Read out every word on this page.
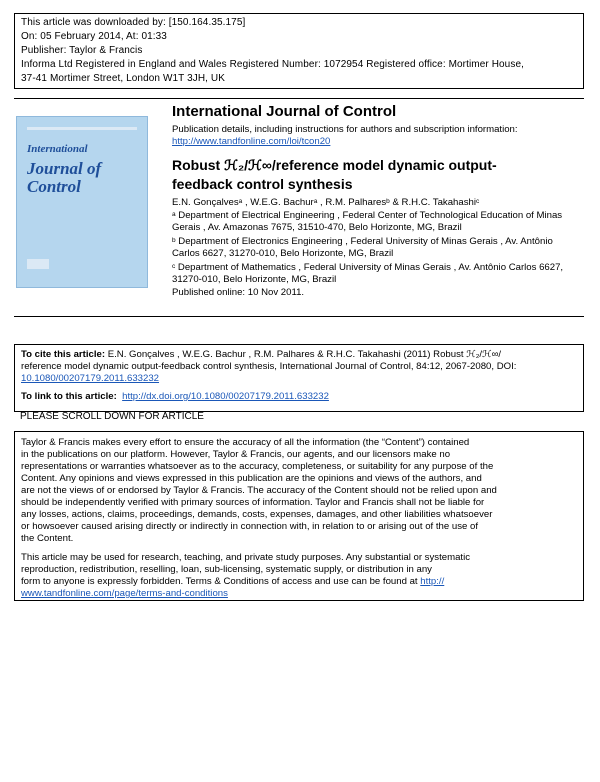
This article was downloaded by: [150.164.35.175]
On: 05 February 2014, At: 01:33
Publisher: Taylor & Francis
Informa Ltd Registered in England and Wales Registered Number: 1072954 Registered office: Mortimer House,
37-41 Mortimer Street, London W1T 3JH, UK
International
Journal of
Control
International Journal of Control
Publication details, including instructions for authors and subscription information:
http://www.tandfonline.com/loi/tcon20
Robust ℋ₂/ℋ∞/reference model dynamic output-
feedback control synthesis
E.N. Gonçalves$^a$ , W.E.G. Bachur$^a$ , R.M. Palhares$^b$ & R.H.C. Takahashi$^c$
$^a$ Department of Electrical Engineering , Federal Center of Technological Education of Minas
Gerais , Av. Amazonas 7675, 31510-470, Belo Horizonte, MG, Brazil
$^b$ Department of Electronics Engineering , Federal University of Minas Gerais , Av. Antônio
Carlos 6627, 31270-010, Belo Horizonte, MG, Brazil
$^c$ Department of Mathematics , Federal University of Minas Gerais , Av. Antônio Carlos 6627,
31270-010, Belo Horizonte, MG, Brazil
Published online: 10 Nov 2011.
To cite this article: E.N. Gonçalves , W.E.G. Bachur , R.M. Palhares & R.H.C. Takahashi (2011) Robust ℋ₂/ℋ∞/
reference model dynamic output-feedback control synthesis, International Journal of Control, 84:12, 2067-2080, DOI:
10.1080/00207179.2011.633232
To link to this article: http://dx.doi.org/10.1080/00207179.2011.633232
PLEASE SCROLL DOWN FOR ARTICLE
Taylor & Francis makes every effort to ensure the accuracy of all the information (the “Content”) contained
in the publications on our platform. However, Taylor & Francis, our agents, and our licensors make no
representations or warranties whatsoever as to the accuracy, completeness, or suitability for any purpose of the
Content. Any opinions and views expressed in this publication are the opinions and views of the authors, and
are not the views of or endorsed by Taylor & Francis. The accuracy of the Content should not be relied upon and
should be independently verified with primary sources of information. Taylor and Francis shall not be liable for
any losses, actions, claims, proceedings, demands, costs, expenses, damages, and other liabilities whatsoever
or howsoever caused arising directly or indirectly in connection with, in relation to or arising out of the use of
the Content.
This article may be used for research, teaching, and private study purposes. Any substantial or systematic
reproduction, redistribution, reselling, loan, sub-licensing, systematic supply, or distribution in any
form to anyone is expressly forbidden. Terms & Conditions of access and use can be found at http://
www.tandfonline.com/page/terms-and-conditions
